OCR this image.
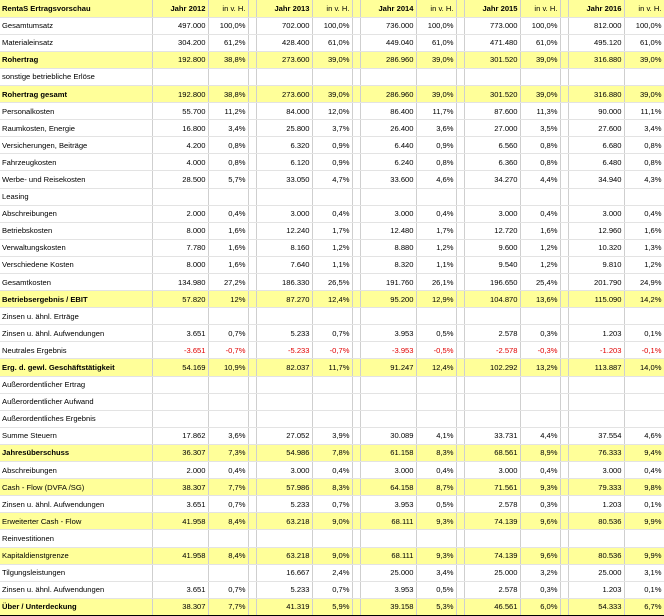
RentaS Ertragsvorschau	Jahr 2012	in v. H.		Jahr 2013	in v. H.		Jahr 2014	in v. H.		Jahr 2015	in v. H.		Jahr 2016	in v. H.
Gesamtumsatz	497.000	100,0%		702.000	100,0%		736.000	100,0%		773.000	100,0%		812.000	100,0%
Materialeinsatz	304.200	61,2%		428.400	61,0%		449.040	61,0%		471.480	61,0%		495.120	61,0%
Rohertrag	192.800	38,8%		273.600	39,0%		286.960	39,0%		301.520	39,0%		316.880	39,0%
sonstige betriebliche Erlöse														
Rohertrag gesamt	192.800	38,8%		273.600	39,0%		286.960	39,0%		301.520	39,0%		316.880	39,0%
Personalkosten	55.700	11,2%		84.000	12,0%		86.400	11,7%		87.600	11,3%		90.000	11,1%
Raumkosten, Energie	16.800	3,4%		25.800	3,7%		26.400	3,6%		27.000	3,5%		27.600	3,4%
Versicherungen, Beiträge	4.200	0,8%		6.320	0,9%		6.440	0,9%		6.560	0,8%		6.680	0,8%
Fahrzeugkosten	4.000	0,8%		6.120	0,9%		6.240	0,8%		6.360	0,8%		6.480	0,8%
Werbe- und Reisekosten	28.500	5,7%		33.050	4,7%		33.600	4,6%		34.270	4,4%		34.940	4,3%
Leasing														
Abschreibungen	2.000	0,4%		3.000	0,4%		3.000	0,4%		3.000	0,4%		3.000	0,4%
Betriebskosten	8.000	1,6%		12.240	1,7%		12.480	1,7%		12.720	1,6%		12.960	1,6%
Verwaltungskosten	7.780	1,6%		8.160	1,2%		8.880	1,2%		9.600	1,2%		10.320	1,3%
Verschiedene Kosten	8.000	1,6%		7.640	1,1%		8.320	1,1%		9.540	1,2%		9.810	1,2%
Gesamtkosten	134.980	27,2%		186.330	26,5%		191.760	26,1%		196.650	25,4%		201.790	24,9%
Betriebsergebnis / EBIT	57.820	12%		87.270	12,4%		95.200	12,9%		104.870	13,6%		115.090	14,2%
Zinsen u. ähnl. Erträge														
Zinsen u. ähnl. Aufwendungen	3.651	0,7%		5.233	0,7%		3.953	0,5%		2.578	0,3%		1.203	0,1%
Neutrales Ergebnis	-3.651	-0,7%		-5.233	-0,7%		-3.953	-0,5%		-2.578	-0,3%		-1.203	-0,1%
Erg. d. gewl. Geschäftstätigkeit	54.169	10,9%		82.037	11,7%		91.247	12,4%		102.292	13,2%		113.887	14,0%
Außerordentlicher Ertrag														
Außerordentlicher Aufwand														
Außerordentliches Ergebnis														
Summe Steuern	17.862	3,6%		27.052	3,9%		30.089	4,1%		33.731	4,4%		37.554	4,6%
Jahresüberschuss	36.307	7,3%		54.986	7,8%		61.158	8,3%		68.561	8,9%		76.333	9,4%
Abschreibungen	2.000	0,4%		3.000	0,4%		3.000	0,4%		3.000	0,4%		3.000	0,4%
Cash - Flow (DVFA /SG)	38.307	7,7%		57.986	8,3%		64.158	8,7%		71.561	9,3%		79.333	9,8%
Zinsen u. ähnl. Aufwendungen	3.651	0,7%		5.233	0,7%		3.953	0,5%		2.578	0,3%		1.203	0,1%
Erweiterter Cash - Flow	41.958	8,4%		63.218	9,0%		68.111	9,3%		74.139	9,6%		80.536	9,9%
Reinvestitionen														
Kapitaldienstgrenze	41.958	8,4%		63.218	9,0%		68.111	9,3%		74.139	9,6%		80.536	9,9%
Tilgungsleistungen				16.667	2,4%		25.000	3,4%		25.000	3,2%		25.000	3,1%
Zinsen u. ähnl. Aufwendungen	3.651	0,7%		5.233	0,7%		3.953	0,5%		2.578	0,3%		1.203	0,1%
Über / Unterdeckung	38.307	7,7%		41.319	5,9%		39.158	5,3%		46.561	6,0%		54.333	6,7%
